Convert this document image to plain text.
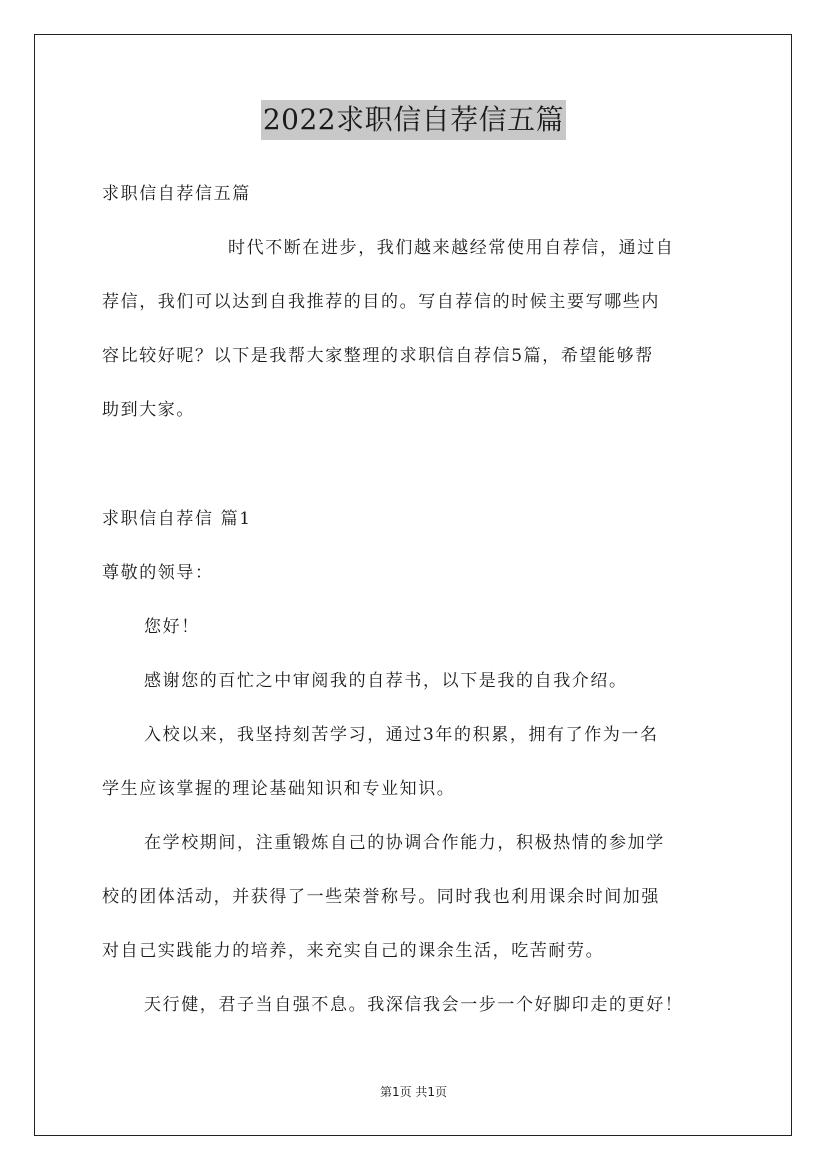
2022求职信自荐信五篇
求职信自荐信五篇
时代不断在进步，我们越来越经常使用自荐信，通过自
荐信，我们可以达到自我推荐的目的。写自荐信的时候主要写哪些内
容比较好呢？以下是我帮大家整理的求职信自荐信5篇，希望能够帮
助到大家。
求职信自荐信 篇1
尊敬的领导：
您好！
感谢您的百忙之中审阅我的自荐书，以下是我的自我介绍。
入校以来，我坚持刻苦学习，通过3年的积累，拥有了作为一名
学生应该掌握的理论基础知识和专业知识。
在学校期间，注重锻炼自己的协调合作能力，积极热情的参加学
校的团体活动，并获得了一些荣誉称号。同时我也利用课余时间加强
对自己实践能力的培养，来充实自己的课余生活，吃苦耐劳。
天行健，君子当自强不息。我深信我会一步一个好脚印走的更好！
第1页 共1页
